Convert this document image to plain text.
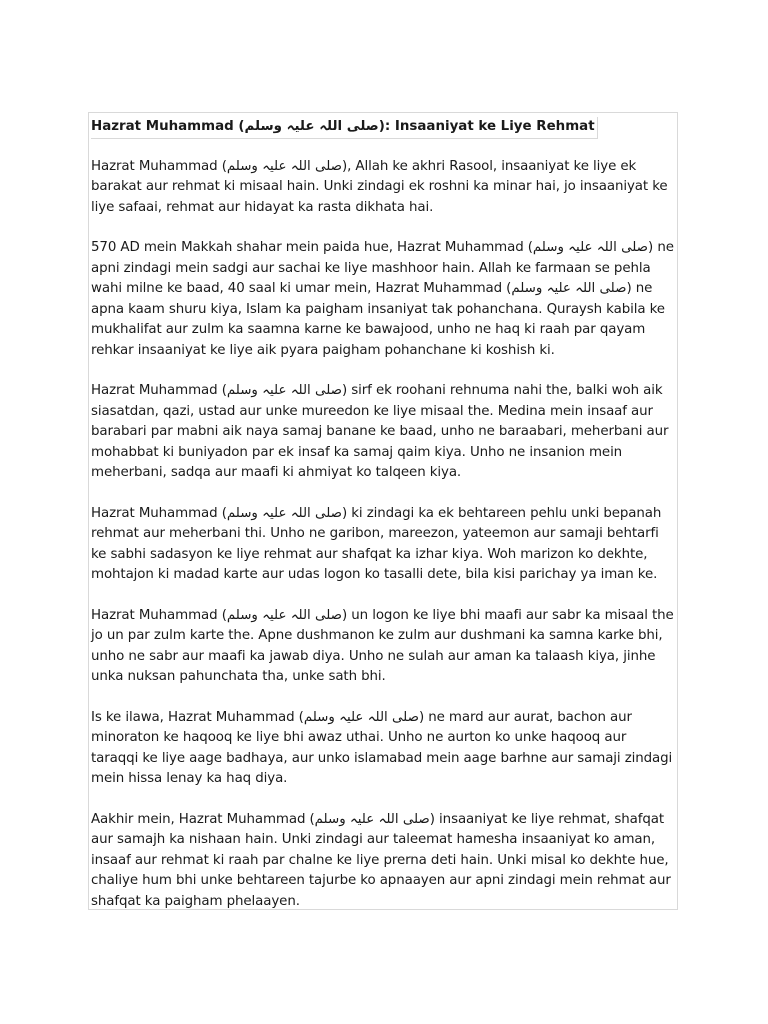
Hazrat Muhammad (صلی اللہ علیہ وسلم): Insaaniyat ke Liye Rehmat

Hazrat Muhammad (صلی اللہ علیہ وسلم), Allah ke akhri Rasool, insaaniyat ke liye ek barakat aur rehmat ki misaal hain. Unki zindagi ek roshni ka minar hai, jo insaaniyat ke liye safaai, rehmat aur hidayat ka rasta dikhata hai.

570 AD mein Makkah shahar mein paida hue, Hazrat Muhammad (صلی اللہ علیہ وسلم) ne apni zindagi mein sadgi aur sachai ke liye mashhoor hain. Allah ke farmaan se pehla wahi milne ke baad, 40 saal ki umar mein, Hazrat Muhammad (صلی اللہ علیہ وسلم) ne apna kaam shuru kiya, Islam ka paigham insaniyat tak pohanchana. Quraysh kabila ke mukhalifat aur zulm ka saamna karne ke bawajood, unho ne haq ki raah par qayam rehkar insaaniyat ke liye aik pyara paigham pohanchane ki koshish ki.

Hazrat Muhammad (صلی اللہ علیہ وسلم) sirf ek roohani rehnuma nahi the, balki woh aik siasatdan, qazi, ustad aur unke mureedon ke liye misaal the. Medina mein insaaf aur barabari par mabni aik naya samaj banane ke baad, unho ne baraabari, meherbani aur mohabbat ki buniyadon par ek insaf ka samaj qaim kiya. Unho ne insanion mein meherbani, sadqa aur maafi ki ahmiyat ko talqeen kiya.

Hazrat Muhammad (صلی اللہ علیہ وسلم) ki zindagi ka ek behtareen pehlu unki bepanah rehmat aur meherbani thi. Unho ne garibon, mareezon, yateemon aur samaji behtarfi ke sabhi sadasyon ke liye rehmat aur shafqat ka izhar kiya. Woh marizon ko dekhte, mohtajon ki madad karte aur udas logon ko tasalli dete, bila kisi parichay ya iman ke.

Hazrat Muhammad (صلی اللہ علیہ وسلم) un logon ke liye bhi maafi aur sabr ka misaal the jo un par zulm karte the. Apne dushmanon ke zulm aur dushmani ka samna karke bhi, unho ne sabr aur maafi ka jawab diya. Unho ne sulah aur aman ka talaash kiya, jinhe unka nuksan pahunchata tha, unke sath bhi.

Is ke ilawa, Hazrat Muhammad (صلی اللہ علیہ وسلم) ne mard aur aurat, bachon aur minoraton ke haqooq ke liye bhi awaz uthai. Unho ne aurton ko unke haqooq aur taraqqi ke liye aage badhaya, aur unko islamabad mein aage barhne aur samaji zindagi mein hissa lenay ka haq diya.

Aakhir mein, Hazrat Muhammad (صلی اللہ علیہ وسلم) insaaniyat ke liye rehmat, shafqat aur samajh ka nishaan hain. Unki zindagi aur taleemat hamesha insaaniyat ko aman, insaaf aur rehmat ki raah par chalne ke liye prerna deti hain. Unki misal ko dekhte hue, chaliye hum bhi unke behtareen tajurbe ko apnaayen aur apni zindagi mein rehmat aur shafqat ka paigham phelaayen.
